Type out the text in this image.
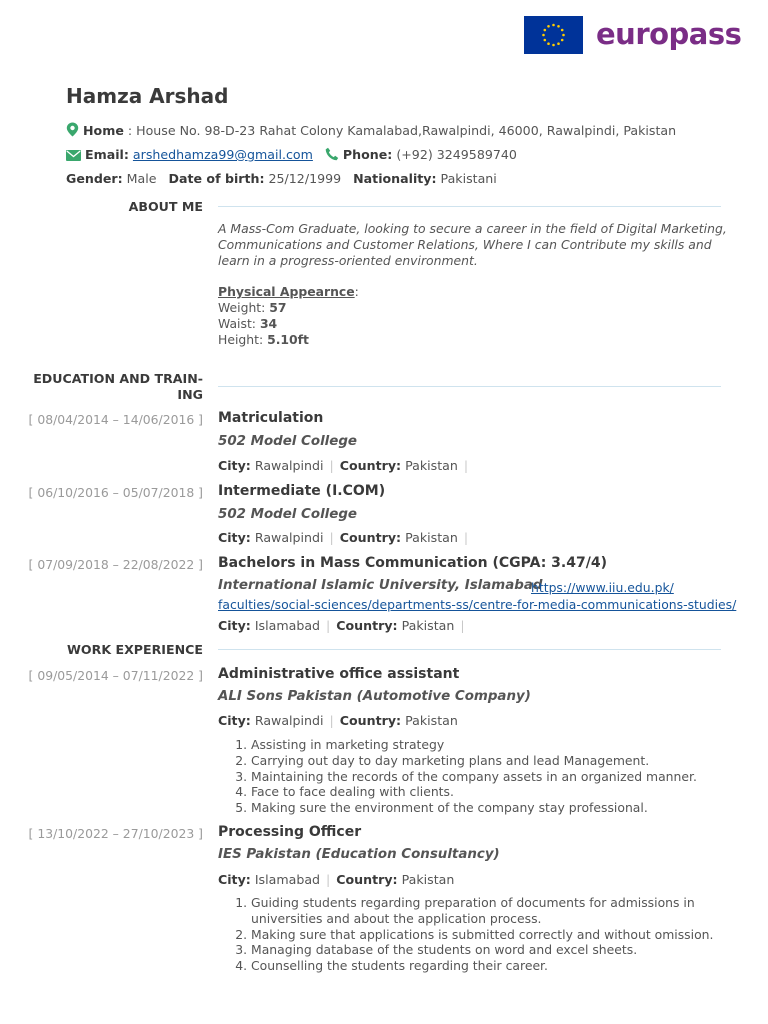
europass
Hamza Arshad
Home : House No. 98-D-23 Rahat Colony Kamalabad,Rawalpindi, 46000, Rawalpindi, Pakistan
Email: arshedhamza99@gmail.com Phone: (+92) 3249589740
Gender: Male Date of birth: 25/12/1999 Nationality: Pakistani
ABOUT ME
A Mass-Com Graduate, looking to secure a career in the field of Digital Marketing, Communications and Customer Relations, Where I can Contribute my skills and learn in a progress-oriented environment.
Physical Appearnce:
Weight: 57
Waist: 34
Height: 5.10ft
EDUCATION AND TRAIN-
ING
[ 08/04/2014 – 14/06/2016 ] Matriculation
502 Model College
City: Rawalpindi | Country: Pakistan |
[ 06/10/2016 – 05/07/2018 ] Intermediate (I.COM)
502 Model College
City: Rawalpindi | Country: Pakistan |
[ 07/09/2018 – 22/08/2022 ] Bachelors in Mass Communication (CGPA: 3.47/4)
International Islamic University, Islamabad
https://www.iiu.edu.pk/
faculties/social-sciences/departments-ss/centre-for-media-communications-studies/
City: Islamabad | Country: Pakistan |
WORK EXPERIENCE
[ 09/05/2014 – 07/11/2022 ] Administrative office assistant
ALI Sons Pakistan (Automotive Company)
City: Rawalpindi | Country: Pakistan
1. Assisting in marketing strategy
2. Carrying out day to day marketing plans and lead Management.
3. Maintaining the records of the company assets in an organized manner.
4. Face to face dealing with clients.
5. Making sure the environment of the company stay professional.
[ 13/10/2022 – 27/10/2023 ] Processing Officer
IES Pakistan (Education Consultancy)
City: Islamabad | Country: Pakistan
1. Guiding students regarding preparation of documents for admissions in universities and about the application process.
2. Making sure that applications is submitted correctly and without omission.
3. Managing database of the students on word and excel sheets.
4. Counselling the students regarding their career.
